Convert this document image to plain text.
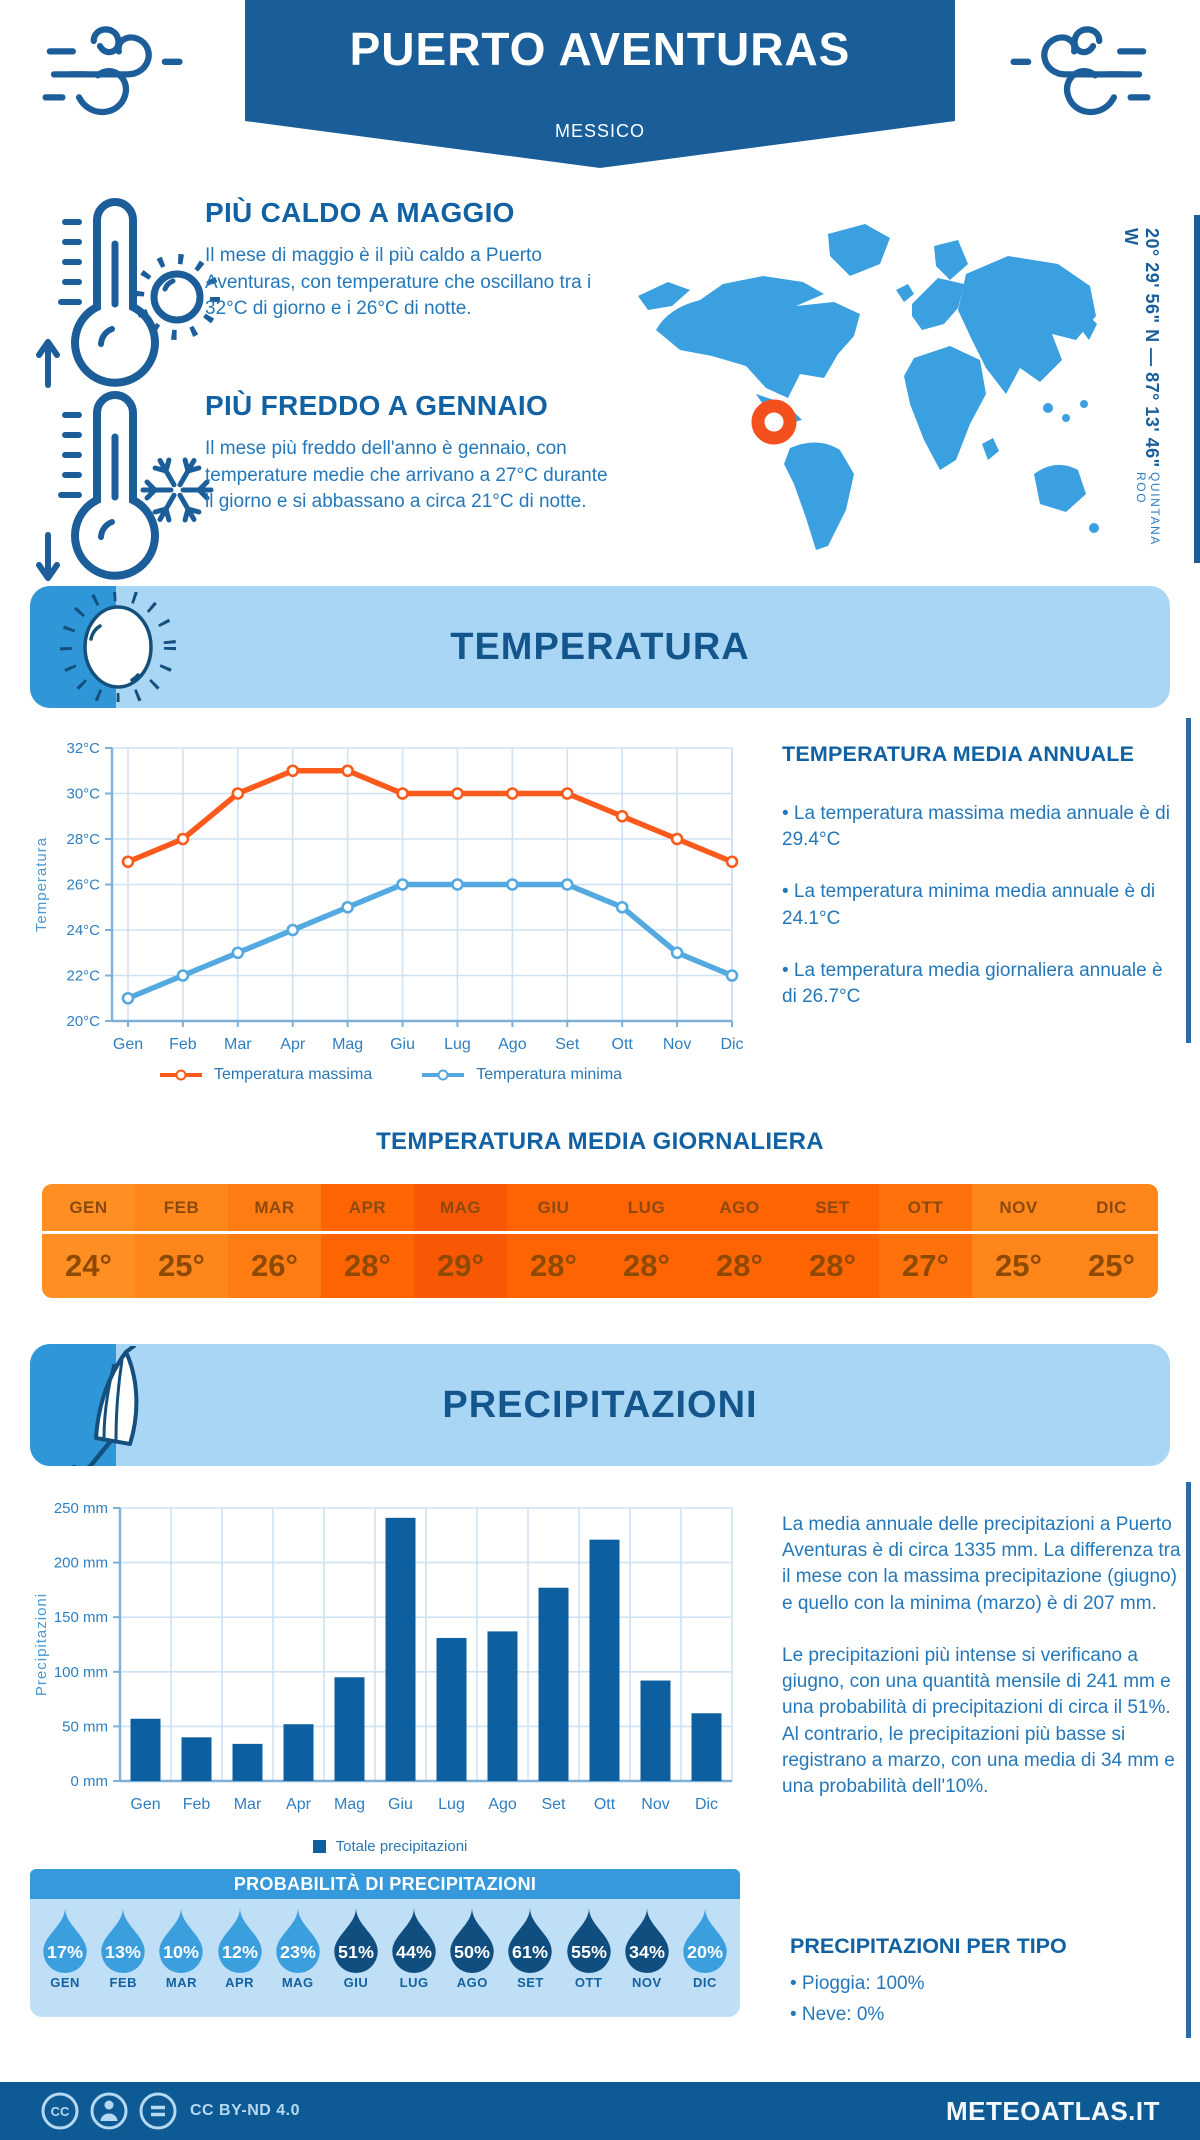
PUERTO AVENTURAS
MESSICO
PIÙ CALDO A MAGGIO
Il mese di maggio è il più caldo a Puerto Aventuras, con temperature che oscillano tra i 32°C di giorno e i 26°C di notte.
PIÙ FREDDO A GENNAIO
Il mese più freddo dell'anno è gennaio, con temperature medie che arrivano a 27°C durante il giorno e si abbassano a circa 21°C di notte.
20° 29' 56" N — 87° 13' 46" W
QUINTANA ROO
TEMPERATURA
20°C
22°C
24°C
26°C
28°C
30°C
32°C
Gen Feb Mar Apr Mag Giu Lug Ago Set Ott Nov Dic
Temperatura
Temperatura massima	Temperatura minima
TEMPERATURA MEDIA ANNUALE

• La temperatura massima media annuale è di 29.4°C

• La temperatura minima media annuale è di 24.1°C

• La temperatura media giornaliera annuale è di 26.7°C

TEMPERATURA MEDIA GIORNALIERA
GEN
24°
FEB
25°
MAR
26°
APR
28°
MAG
29°
GIU
28°
LUG
28°
AGO
28°
SET
28°
OTT
27°
NOV
25°
DIC
25°
PRECIPITAZIONI
0 mm
50 mm
100 mm
150 mm
200 mm
250 mm
Precipitazioni
Gen Feb Mar Apr Mag Giu Lug Ago Set Ott Nov Dic
Totale precipitazioni

La media annuale delle precipitazioni a Puerto Aventuras è di circa 1335 mm. La differenza tra il mese con la massima precipitazione (giugno) e quello con la minima (marzo) è di 207 mm.

Le precipitazioni più intense si verificano a giugno, con una quantità mensile di 241 mm e una probabilità di precipitazioni di circa il 51%. Al contrario, le precipitazioni più basse si registrano a marzo, con una media di 34 mm e una probabilità dell'10%.

PROBABILITÀ DI PRECIPITAZIONI
17%
GEN
13%
FEB
10%
MAR
12%
APR
23%
MAG
51%
GIU
44%
LUG
50%
AGO
61%
SET
55%
OTT
34%
NOV
20%
DIC
PRECIPITAZIONI PER TIPO

• Pioggia: 100%

• Neve: 0%

CC	CC BY-ND 4.0	METEOATLAS.IT
